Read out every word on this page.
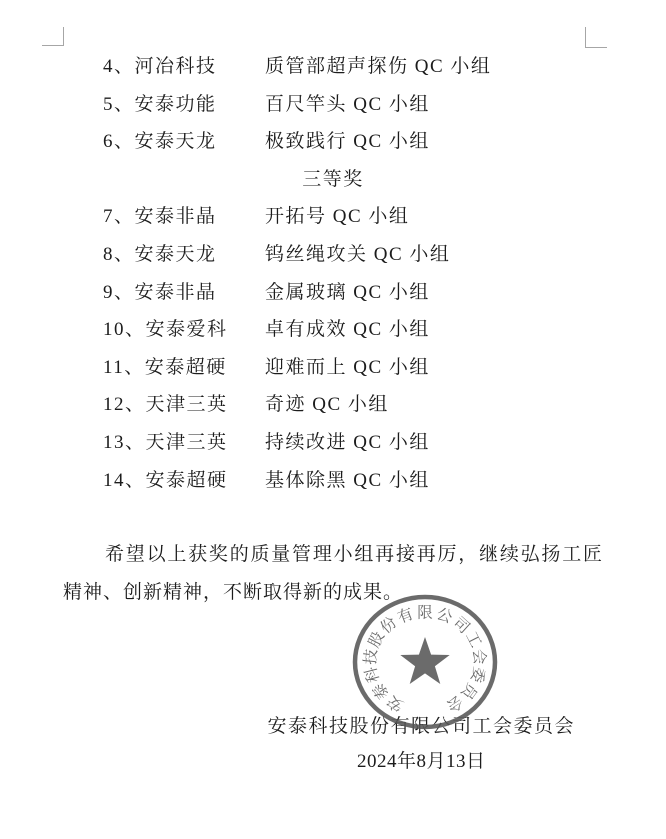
4、河冶科技	质管部超声探伤 QC 小组
5、安泰功能	百尺竿头 QC 小组
6、安泰天龙	极致践行 QC 小组
三等奖
7、安泰非晶	开拓号 QC 小组
8、安泰天龙	钨丝绳攻关 QC 小组
9、安泰非晶	金属玻璃 QC 小组
10、安泰爱科	卓有成效 QC 小组
11、安泰超硬	迎难而上 QC 小组
12、天津三英	奇迹 QC 小组
13、天津三英	持续改进 QC 小组
14、安泰超硬	基体除黑 QC 小组
希望以上获奖的质量管理小组再接再厉，继续弘扬工匠精神、创新精神，不断取得新的成果。
安泰科技股份有限公司工会委员会
2024年8月13日
安
泰
科
技
股
份
有 限 公
司
工
会
委
员
会
